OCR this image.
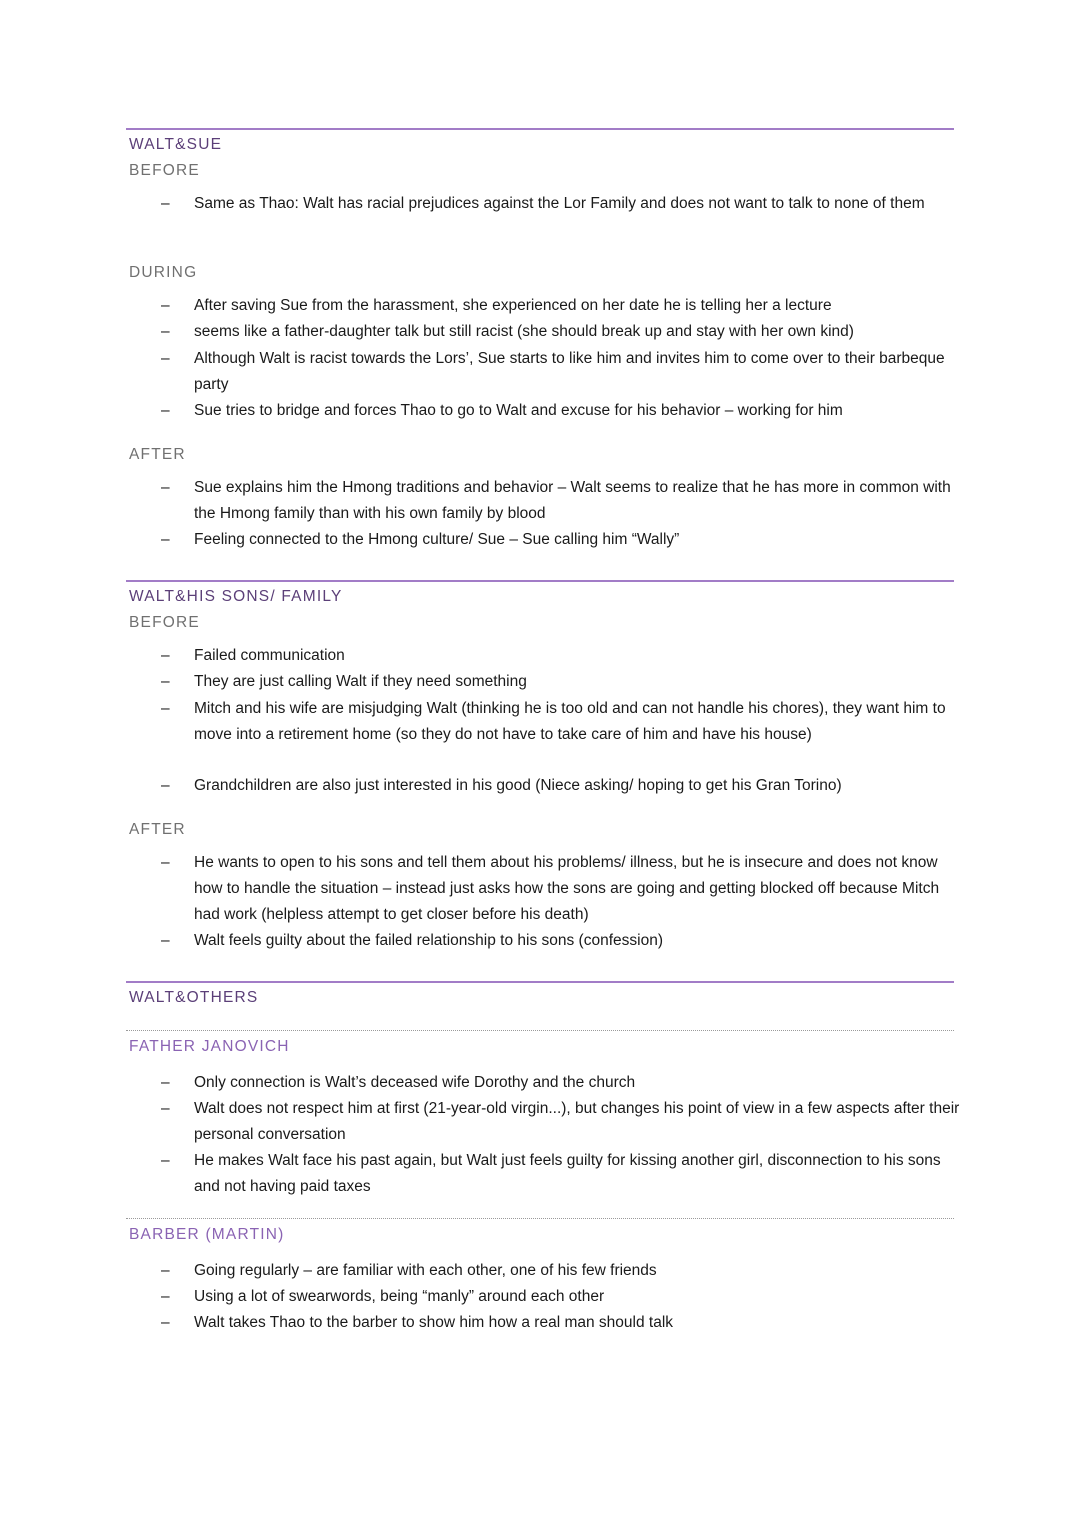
WALT&SUE
BEFORE
–	Same as Thao: Walt has racial prejudices against the Lor Family and does not want to talk to none of them
DURING
–	After saving Sue from the harassment, she experienced on her date he is telling her a lecture
–	seems like a father-daughter talk but still racist (she should break up and stay with her own kind)
–	Although Walt is racist towards the Lors’, Sue starts to like him and invites him to come over to their barbeque party
–	Sue tries to bridge and forces Thao to go to Walt and excuse for his behavior – working for him
AFTER
–	Sue explains him the Hmong traditions and behavior – Walt seems to realize that he has more in common with the Hmong family than with his own family by blood
–	Feeling connected to the Hmong culture/ Sue – Sue calling him “Wally”
WALT&HIS SONS/ FAMILY
BEFORE
–	Failed communication
–	They are just calling Walt if they need something
–	Mitch and his wife are misjudging Walt (thinking he is too old and can not handle his chores), they want him to move into a retirement home (so they do not have to take care of him and have his house)
–	Grandchildren are also just interested in his good (Niece asking/ hoping to get his Gran Torino)
AFTER
–	He wants to open to his sons and tell them about his problems/ illness, but he is insecure and does not know how to handle the situation – instead just asks how the sons are going and getting blocked off because Mitch had work (helpless attempt to get closer before his death)
–	Walt feels guilty about the failed relationship to his sons (confession)
WALT&OTHERS
FATHER JANOVICH
–	Only connection is Walt’s deceased wife Dorothy and the church
–	Walt does not respect him at first (21-year-old virgin...), but changes his point of view in a few aspects after their personal conversation
–	He makes Walt face his past again, but Walt just feels guilty for kissing another girl, disconnection to his sons and not having paid taxes
BARBER (MARTIN)
–	Going regularly – are familiar with each other, one of his few friends
–	Using a lot of swearwords, being “manly” around each other
–	Walt takes Thao to the barber to show him how a real man should talk
